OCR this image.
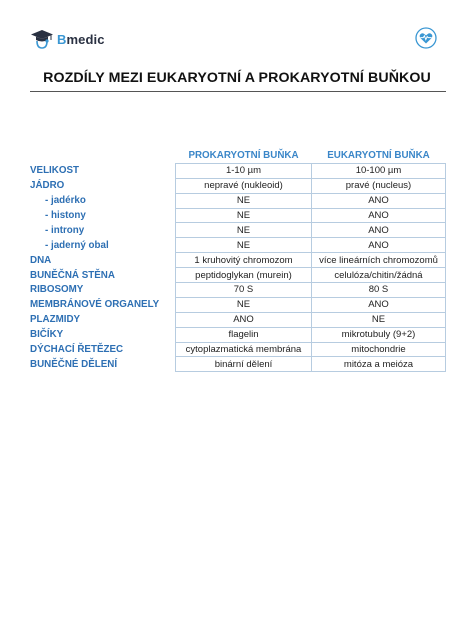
Bmedic
ROZDÍLY MEZI EUKARYOTNÍ A PROKARYOTNÍ BUŇKOU
	PROKARYOTNÍ BUŇKA	EUKARYOTNÍ BUŇKA
VELIKOST	1-10 µm	10-100 µm
JÁDRO	nepravé (nukleoid)	pravé (nucleus)
- jadérko	NE	ANO
- histony	NE	ANO
- introny	NE	ANO
- jaderný obal	NE	ANO
DNA	1 kruhovitý chromozom	více lineárních chromozomů
BUNĚČNÁ STĚNA	peptidoglykan (murein)	celulóza/chitin/žádná
RIBOSOMY	70 S	80 S
MEMBRÁNOVÉ ORGANELY	NE	ANO
PLAZMIDY	ANO	NE
BIČÍKY	flagelin	mikrotubuly (9+2)
DÝCHACÍ ŘETĚZEC	cytoplazmatická membrána	mitochondrie
BUNĚČNÉ DĚLENÍ	binární dělení	mitóza a meióza
